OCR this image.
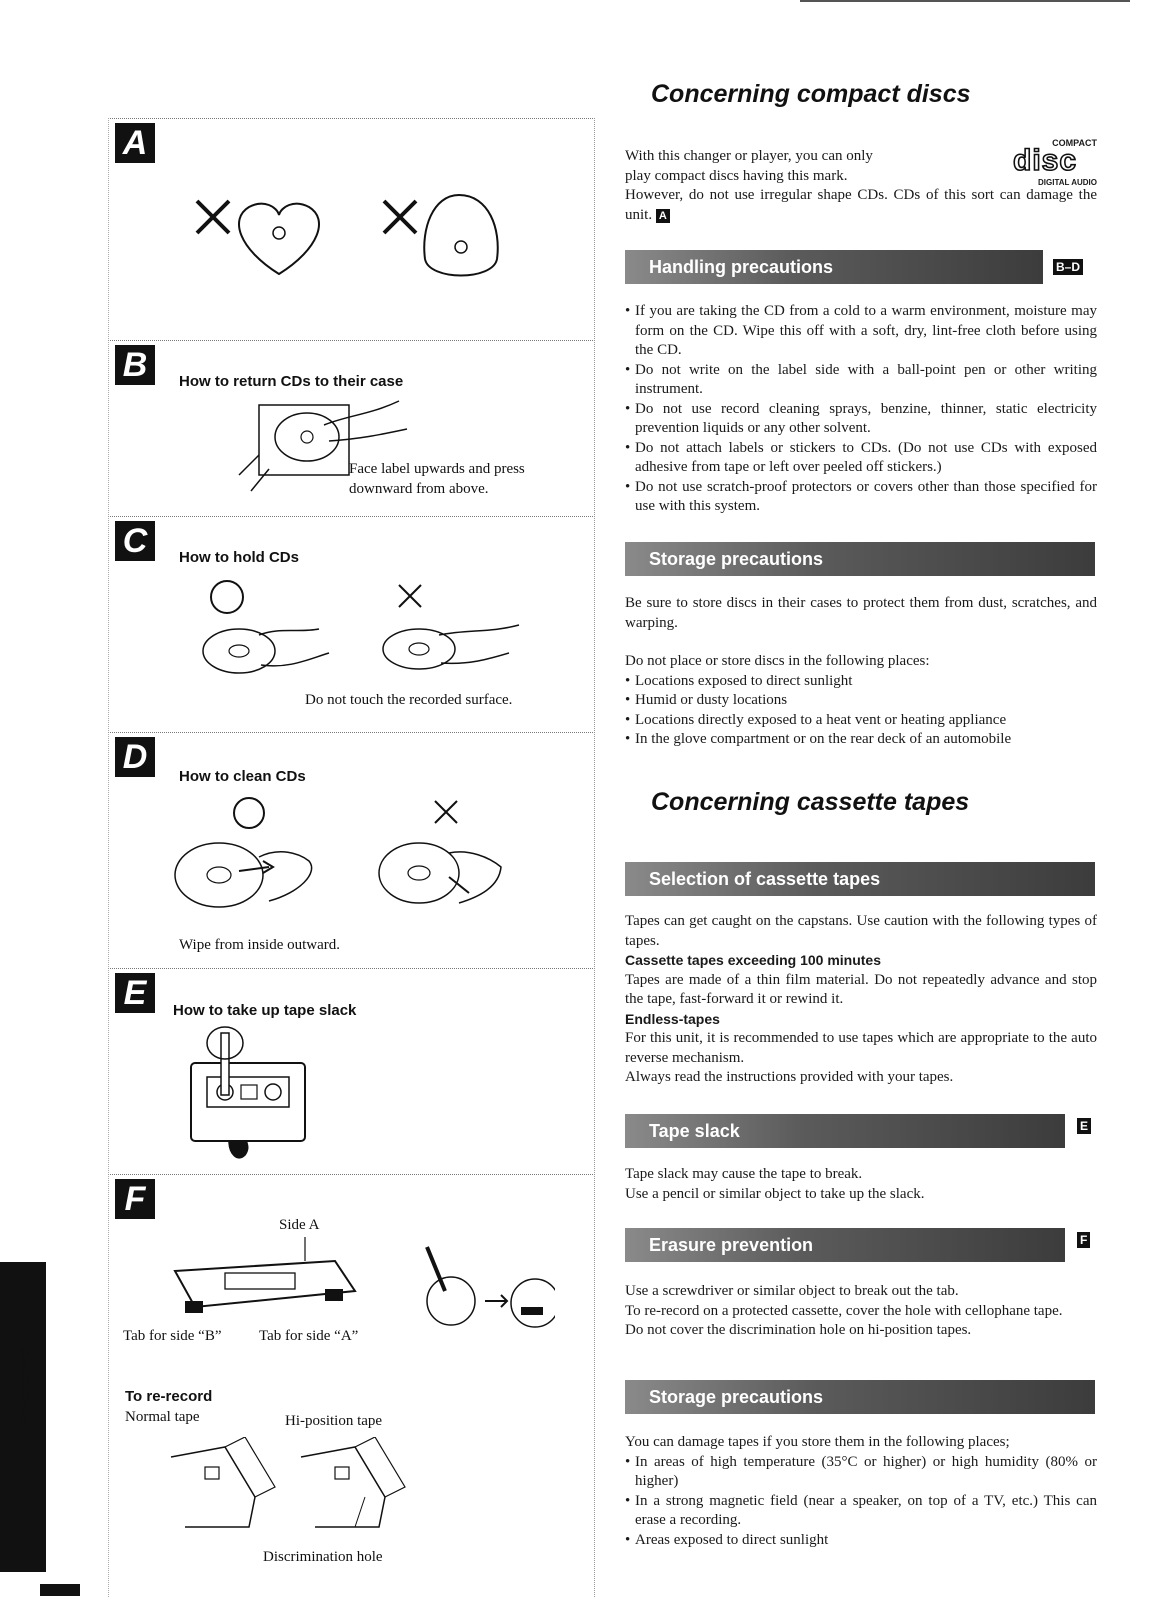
A
B	How to return CDs to their case
Face label upwards and press
downward from above.
C	How to hold CDs
Do not touch the recorded surface.
D
How to clean CDs
Wipe from inside outward.
E	How to take up tape slack
F
Side A
Tab for side “B”	Tab for side “A”
To re-record
Normal tape	Hi-position tape
Discrimination hole
Reference
Concerning compact discs

With this changer or player, you can only

play compact discs having this mark.

However, do not use irregular shape CDs. CDs of this sort can damage the unit. A
COMPACT
disc
DIGITAL AUDIO
Handling precautions	B–D
• If you are taking the CD from a cold to a warm environment, moisture may form on the CD. Wipe this off with a soft, dry, lint-free cloth before using the CD.
• Do not write on the label side with a ball-point pen or other writing instrument.
• Do not use record cleaning sprays, benzine, thinner, static electricity prevention liquids or any other solvent.
• Do not attach labels or stickers to CDs. (Do not use CDs with exposed adhesive from tape or left over peeled off stickers.)
• Do not use scratch-proof protectors or covers other than those specified for use with this system.
Storage precautions
Be sure to store discs in their cases to protect them from dust, scratches, and warping.

Do not place or store discs in the following places:

• Locations exposed to direct sunlight
• Humid or dusty locations
• Locations directly exposed to a heat vent or heating appliance
• In the glove compartment or on the rear deck of an automobile
Concerning cassette tapes
Selection of cassette tapes

Tapes can get caught on the capstans. Use caution with the following types of tapes.

Cassette tapes exceeding 100 minutes

Tapes are made of a thin film material. Do not repeatedly advance and stop the tape, fast-forward it or rewind it.

Endless-tapes

For this unit, it is recommended to use tapes which are appropriate to the auto reverse mechanism.

Always read the instructions provided with your tapes.

Tape slack	E

Tape slack may cause the tape to break.

Use a pencil or similar object to take up the slack.

Erasure prevention	F

Use a screwdriver or similar object to break out the tab.

To re-record on a protected cassette, cover the hole with cellophane tape.

Do not cover the discrimination hole on hi-position tapes.

Storage precautions

You can damage tapes if you store them in the following places;

• In areas of high temperature (35°C or higher) or high humidity (80% or higher)
• In a strong magnetic field (near a speaker, on top of a TV, etc.) This can erase a recording.
• Areas exposed to direct sunlight
